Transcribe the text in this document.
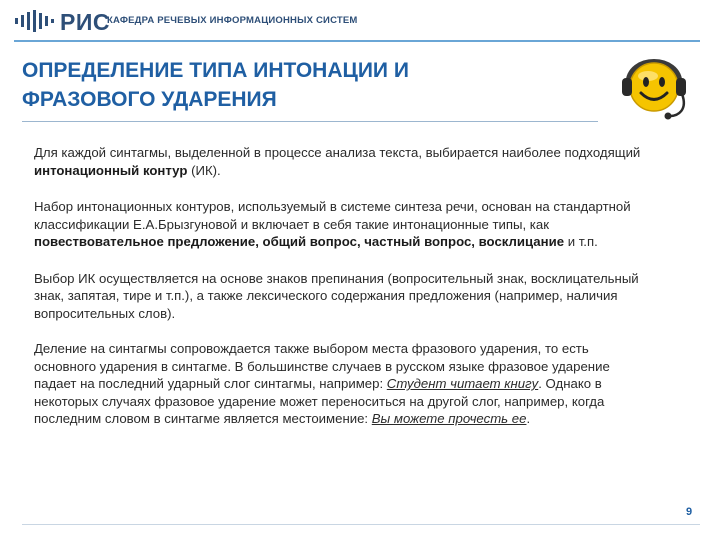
РИС
КАФЕДРА РЕЧЕВЫХ ИНФОРМАЦИОННЫХ СИСТЕМ
ОПРЕДЕЛЕНИЕ ТИПА ИНТОНАЦИИ И
ФРАЗОВОГО УДАРЕНИЯ

Для каждой синтагмы, выделенной в процессе анализа текста, выбирается наиболее подходящий интонационный контур (ИК).

Набор интонационных контуров, используемый в системе синтеза речи, основан на стандартной классификации Е.А.Брызгуновой и включает в себя такие интонационные типы, как повествовательное предложение, общий вопрос, частный вопрос, восклицание и т.п.

Выбор ИК осуществляется на основе знаков препинания (вопросительный знак, восклицательный знак, запятая, тире и т.п.), а также лексического содержания предложения (например, наличия вопросительных слов).

Деление на синтагмы сопровождается также выбором места фразового ударения, то есть основного ударения в синтагме. В большинстве случаев в русском языке фразовое ударение падает на последний ударный слог синтагмы, например: Студент читает книгу. Однако в некоторых случаях фразовое ударение может переноситься на другой слог, например, когда последним словом в синтагме является местоимение: Вы можете прочесть ее.

9
